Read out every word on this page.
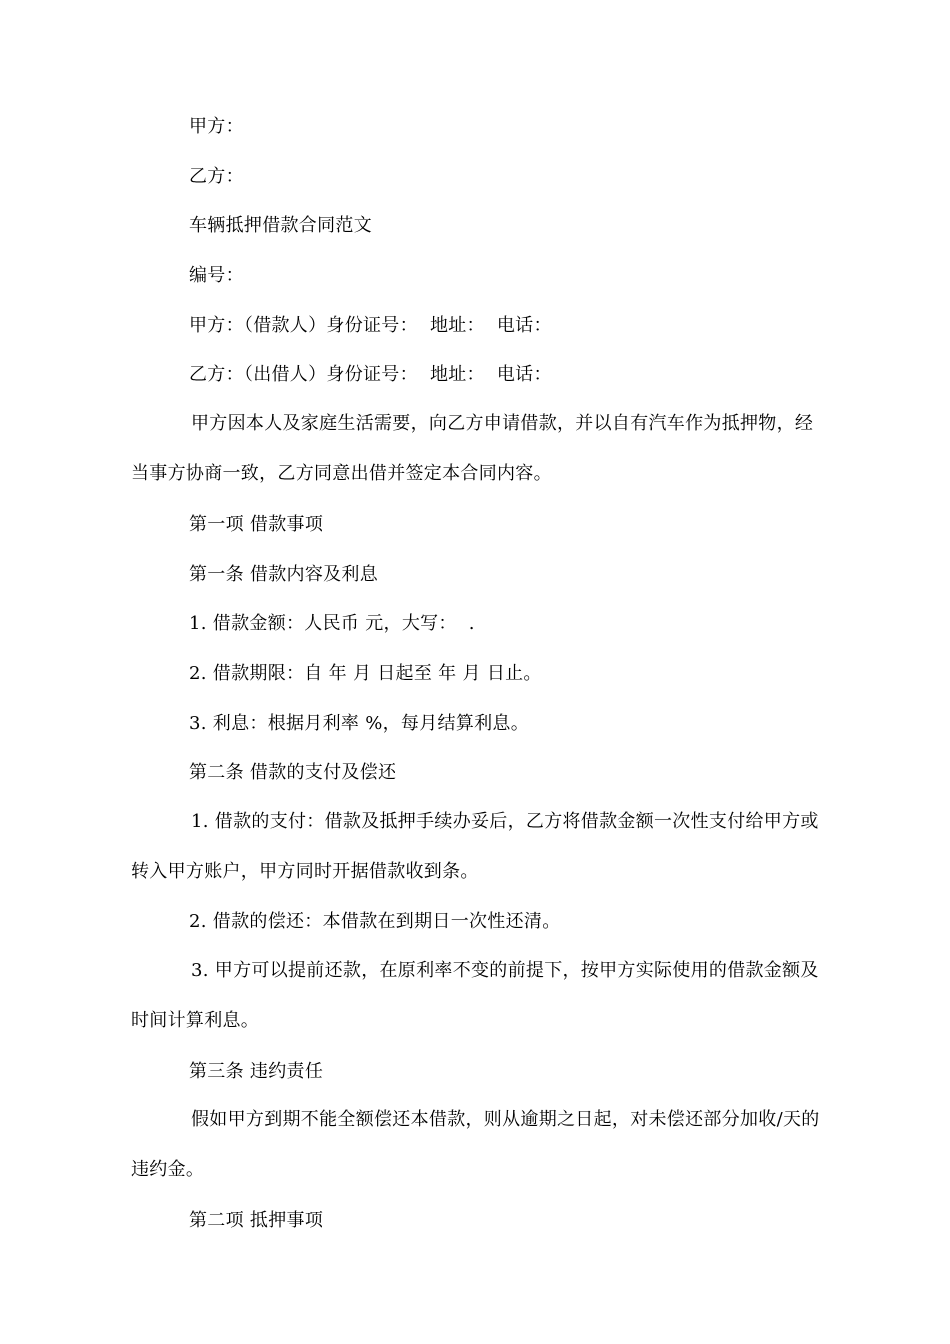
甲方：
乙方：
车辆抵押借款合同范文
编号：
甲方：（借款人）身份证号：  地址：  电话：
乙方：（出借人）身份证号：  地址：  电话：
甲方因本人及家庭生活需要，向乙方申请借款，并以自有汽车作为抵押物，经当事方协商一致，乙方同意出借并签定本合同内容。
第一项 借款事项
第一条 借款内容及利息
1. 借款金额：人民币 元，大写：  .
2. 借款期限：自 年 月 日起至 年 月 日止。
3. 利息：根据月利率 %，每月结算利息。
第二条 借款的支付及偿还
1. 借款的支付：借款及抵押手续办妥后，乙方将借款金额一次性支付给甲方或转入甲方账户，甲方同时开据借款收到条。
2. 借款的偿还：本借款在到期日一次性还清。
3. 甲方可以提前还款，在原利率不变的前提下，按甲方实际使用的借款金额及时间计算利息。
第三条 违约责任
假如甲方到期不能全额偿还本借款，则从逾期之日起，对未偿还部分加收/天的违约金。
第二项 抵押事项
